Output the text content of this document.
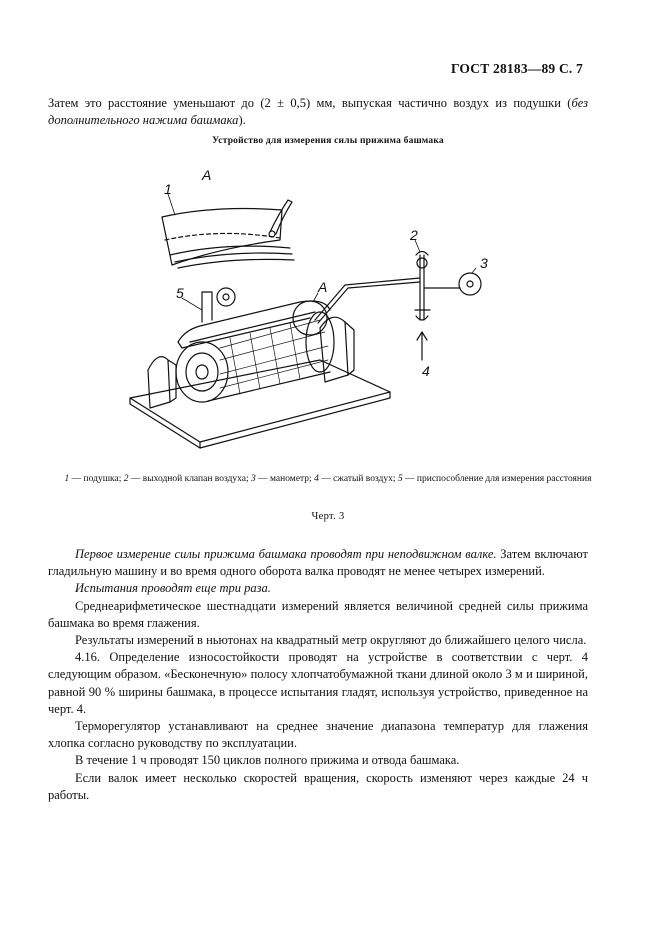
ГОСТ 28183—89 С. 7
Затем это расстояние уменьшают до (2 ± 0,5) мм, выпуская частично воздух из подушки (без дополнительного нажима башмака).
Устройство для измерения силы прижима башмака
А
1
2
3
4
5	А
1 — подушка; 2 — выходной клапан воздуха; 3 — манометр; 4 — сжатый воздух; 5 — приспособление для измерения расстояния
Черт. 3

Первое измерение силы прижима башмака проводят при неподвижном валке. Затем включают гладильную машину и во время одного оборота валка проводят не менее четырех измерений.

Испытания проводят еще три раза.

Среднеарифметическое шестнадцати измерений является величиной средней силы прижима башмака во время глажения.

Результаты измерений в ньютонах на квадратный метр округляют до ближайшего целого числа.

4.16. Определение износостойкости проводят на устройстве в соответствии с черт. 4 следующим образом. «Бесконечную» полосу хлопчатобумажной ткани длиной около 3 м и шириной, равной 90 % ширины башмака, в процессе испытания гладят, используя устройство, приведенное на черт. 4.

Терморегулятор устанавливают на среднее значение диапазона температур для глажения хлопка согласно руководству по эксплуатации.

В течение 1 ч проводят 150 циклов полного прижима и отвода башмака.

Если валок имеет несколько скоростей вращения, скорость изменяют через каждые 24 ч работы.
